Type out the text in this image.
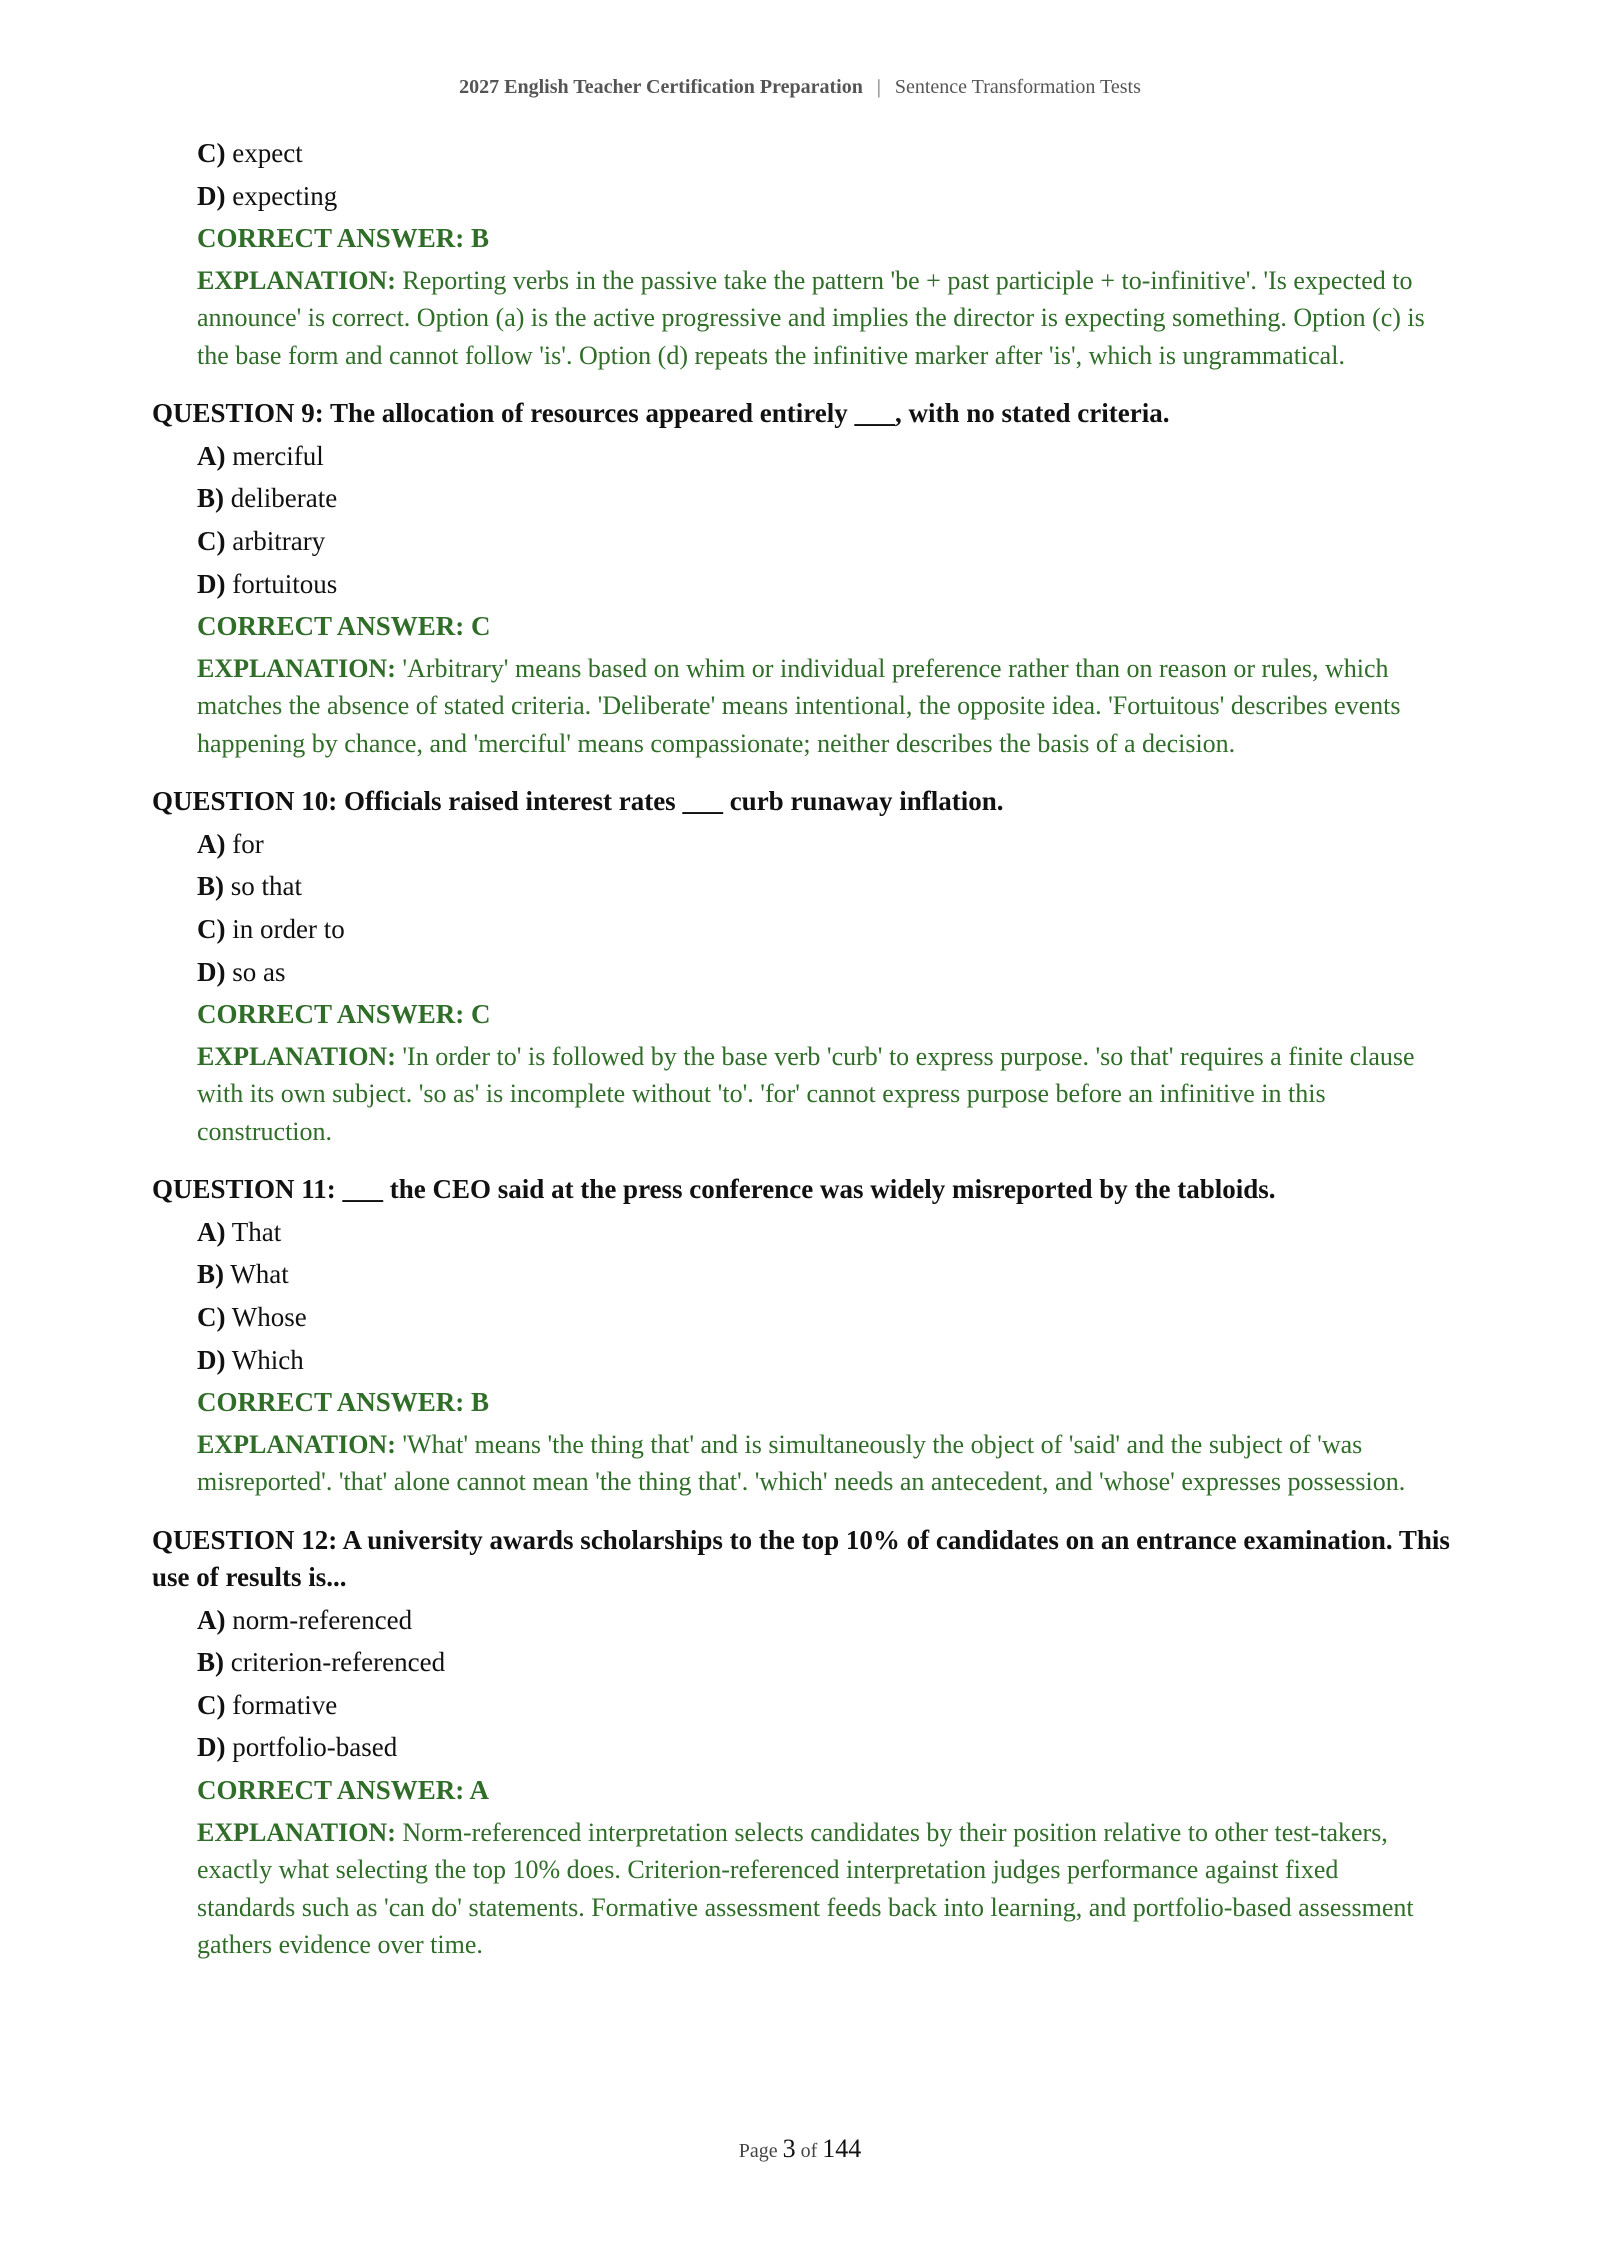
2027 English Teacher Certification Preparation | Sentence Transformation Tests
C) expect
D) expecting
CORRECT ANSWER: B
EXPLANATION: Reporting verbs in the passive take the pattern 'be + past participle + to-infinitive'. 'Is expected to announce' is correct. Option (a) is the active progressive and implies the director is expecting something. Option (c) is the base form and cannot follow 'is'. Option (d) repeats the infinitive marker after 'is', which is ungrammatical.
QUESTION 9: The allocation of resources appeared entirely ___, with no stated criteria.
A) merciful
B) deliberate
C) arbitrary
D) fortuitous
CORRECT ANSWER: C
EXPLANATION: 'Arbitrary' means based on whim or individual preference rather than on reason or rules, which matches the absence of stated criteria. 'Deliberate' means intentional, the opposite idea. 'Fortuitous' describes events happening by chance, and 'merciful' means compassionate; neither describes the basis of a decision.
QUESTION 10: Officials raised interest rates ___ curb runaway inflation.
A) for
B) so that
C) in order to
D) so as
CORRECT ANSWER: C
EXPLANATION: 'In order to' is followed by the base verb 'curb' to express purpose. 'so that' requires a finite clause with its own subject. 'so as' is incomplete without 'to'. 'for' cannot express purpose before an infinitive in this construction.
QUESTION 11: ___ the CEO said at the press conference was widely misreported by the tabloids.
A) That
B) What
C) Whose
D) Which
CORRECT ANSWER: B
EXPLANATION: 'What' means 'the thing that' and is simultaneously the object of 'said' and the subject of 'was misreported'. 'that' alone cannot mean 'the thing that'. 'which' needs an antecedent, and 'whose' expresses possession.
QUESTION 12: A university awards scholarships to the top 10% of candidates on an entrance examination. This use of results is...
A) norm-referenced
B) criterion-referenced
C) formative
D) portfolio-based
CORRECT ANSWER: A
EXPLANATION: Norm-referenced interpretation selects candidates by their position relative to other test-takers, exactly what selecting the top 10% does. Criterion-referenced interpretation judges performance against fixed standards such as 'can do' statements. Formative assessment feeds back into learning, and portfolio-based assessment gathers evidence over time.
Page 3 of 144
